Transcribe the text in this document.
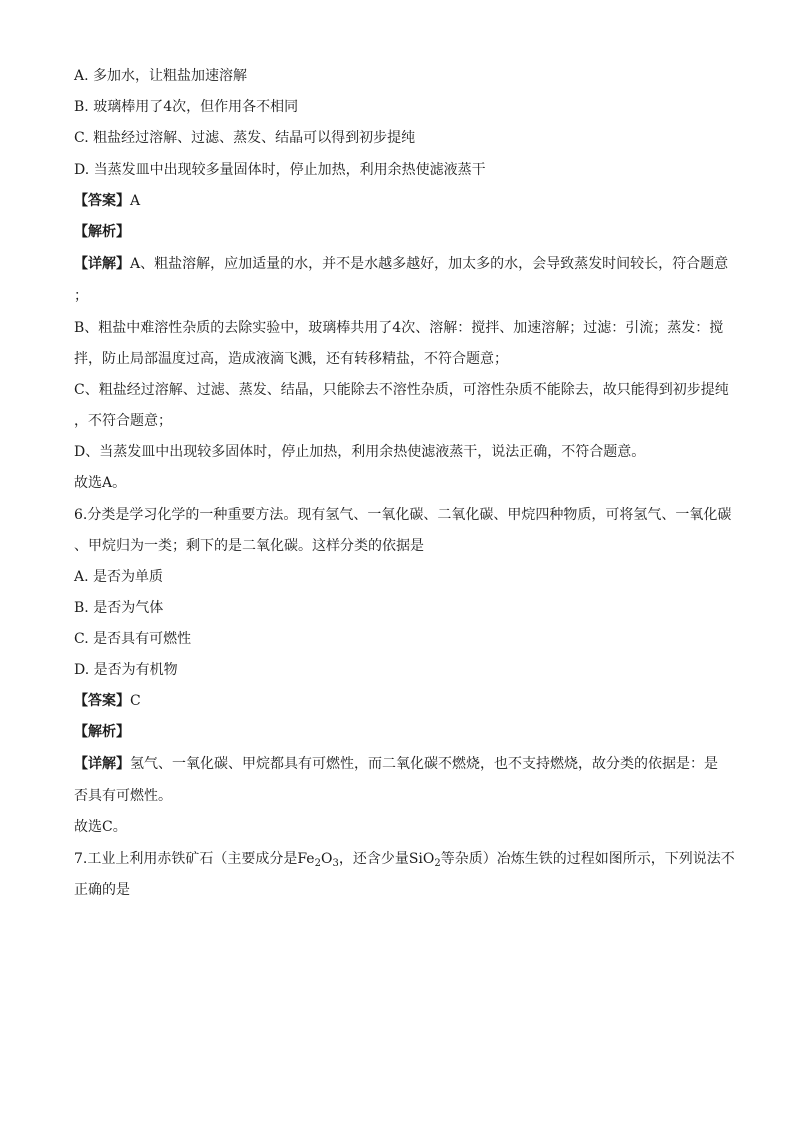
A. 多加水，让粗盐加速溶解
B. 玻璃棒用了4次，但作用各不相同
C. 粗盐经过溶解、过滤、蒸发、结晶可以得到初步提纯
D. 当蒸发皿中出现较多量固体时，停止加热，利用余热使滤液蒸干
【答案】A
【解析】
【详解】A、粗盐溶解，应加适量的水，并不是水越多越好，加太多的水，会导致蒸发时间较长，符合题意
；
B、粗盐中难溶性杂质的去除实验中，玻璃棒共用了4次、溶解：搅拌、加速溶解；过滤：引流；蒸发：搅
拌，防止局部温度过高，造成液滴飞溅，还有转移精盐，不符合题意；
C、粗盐经过溶解、过滤、蒸发、结晶，只能除去不溶性杂质，可溶性杂质不能除去，故只能得到初步提纯
，不符合题意；
D、当蒸发皿中出现较多固体时，停止加热，利用余热使滤液蒸干，说法正确，不符合题意。
故选A。
6.分类是学习化学的一种重要方法。现有氢气、一氧化碳、二氧化碳、甲烷四种物质，可将氢气、一氧化碳
、甲烷归为一类；剩下的是二氧化碳。这样分类的依据是
A. 是否为单质
B. 是否为气体
C. 是否具有可燃性
D. 是否为有机物
【答案】C
【解析】
【详解】氢气、一氧化碳、甲烷都具有可燃性，而二氧化碳不燃烧，也不支持燃烧，故分类的依据是：是
否具有可燃性。
故选C。
7.工业上利用赤铁矿石（主要成分是$Fe_2O_3$，还含少量SiO$_2$等杂质）冶炼生铁的过程如图所示，下列说法不
正确的是
